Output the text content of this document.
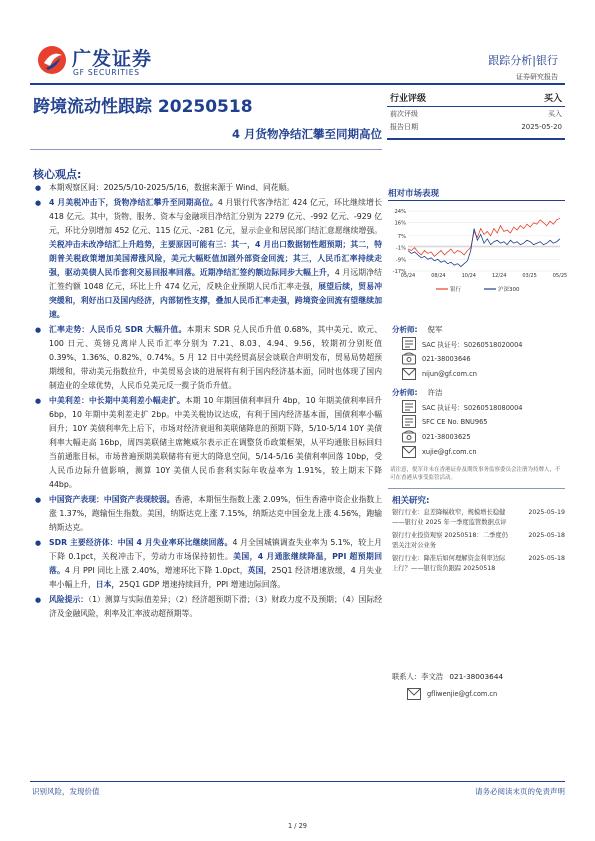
广发证券
GF SECURITIES
跟踪分析|银行
证券研究报告
跨境流动性跟踪 20250518
4 月货物净结汇攀至同期高位
行业评级	买入
前次评级	买入
报告日期	2025-05-20
核心观点:
●	本期观察区间：2025/5/10-2025/5/16，数据来源于 Wind、同花顺。
●	4 月美税冲击下，货物净结汇攀升至同期高位。4 月银行代客净结汇 424 亿元，环比继续增长 418 亿元。其中，货物、服务、资本与金融项目净结汇分别为 2279 亿元、-992 亿元、-929 亿元，环比分别增加 452 亿元、115 亿元、-281 亿元，显示企业和居民部门结汇意愿继续增强。关税冲击未改净结汇上升趋势，主要原因可能有三：其一，4 月出口数据韧性超预期；其二，特朗普关税政策增加美国滞涨风险，美元大幅贬值加剧外部资金回流；其三，人民币汇率持续走强，驱动美债人民币套利交易回报率回落。近期净结汇签约额边际同步大幅上升，4 月远期净结汇签约额 1048 亿元，环比上升 474 亿元，反映企业预期人民币汇率走强，展望后续，贸易冲突缓和，利好出口及国内经济，内部韧性支撑，叠加人民币汇率走强，跨境资金回流有望继续加速。
●	汇率走势：人民币兑 SDR 大幅升值。本期末 SDR 兑人民币升值 0.68%，其中美元、欧元、100 日元、英镑兑离岸人民币汇率分别为 7.21、8.03、4.94、9.56，较期初分别贬值 0.39%、1.36%、0.82%、0.74%。5 月 12 日中美经贸高层会谈联合声明发布，贸易局势超预期缓和，带动美元指数拉升，中美贸易会谈的进展将有利于国内经济基本面，同时也体现了国内制造业的全球优势，人民币兑美元反一揽子货币升值。
●	中美利差：中长期中美利差小幅走扩。本期 10 年期国债利率回升 4bp，10 年期美债利率回升 6bp，10 年期中美利差走扩 2bp。中美关税协议达成，有利于国内经济基本面，国债利率小幅回升；10Y 美债利率先上后下，市场对经济衰退和美联储降息的预期下降，5/10-5/14 10Y 美债利率大幅走高 16bp，周四美联储主席鲍威尔表示正在调整货币政策框架，从平均通胀目标回归当前通胀目标，市场普遍预期美联储将有更大的降息空间，5/14-5/16 美债利率回落 10bp，受人民币边际升值影响，测算 10Y 美债人民币套利实际年收益率为 1.91%，较上期末下降 44bp。
●	中国资产表现：中国资产表现较弱。香港，本期恒生指数上涨 2.09%，恒生香港中资企业指数上涨 1.37%，跑输恒生指数。美国，纳斯达克上涨 7.15%，纳斯达克中国金龙上涨 4.56%，跑输纳斯达克。
●	SDR 主要经济体：中国 4 月失业率环比继续回落。4 月全国城镇调查失业率为 5.1%，较上月下降 0.1pct，关税冲击下，劳动力市场保持韧性。美国，4 月通胀继续降温，PPI 超预期回落。4 月 PPI 同比上涨 2.40%，增速环比下降 1.0pct，英国，25Q1 经济增速放缓，4 月失业率小幅上升，日本，25Q1 GDP 增速持续回升，PPI 增速边际回落。
●	风险提示：（1）测算与实际值差异；（2）经济超预期下滑；（3）财政力度不及预期；（4）国际经济及金融风险，利率及汇率波动超预期等。
相对市场表现
24%
16%
7%
-1%
-9%
-17%
05/24	08/24	10/24	12/24	03/25	05/25
银行	沪深300
分析师: 倪军
SAC 执证号：S0260518020004
021-38003646
nijun@gf.com.cn
分析师: 许洁
SAC 执证号：S0260518080004
SFC CE No. BNU965
021-38003625
xujie@gf.com.cn
请注意，倪军并未在香港证券及期货事务监察委员会注册为持牌人，不可在香港从事受监管活动。
相关研究:
银行行业：息差降幅收窄，规模增长稳健——银行业 2025 年一季度监管数据点评
2025-05-19
银行行业投资观察 20250518：二季度仍需关注对公业务
2025-05-18
银行行业：降准后如何理解资金利率边际上行？——银行资负跟踪 20250518
2025-05-18
联系人：李文浩 021-38003644
gfliwenjie@gf.com.cn
识别风险，发现价值	请务必阅读末页的免责声明
1 / 29
